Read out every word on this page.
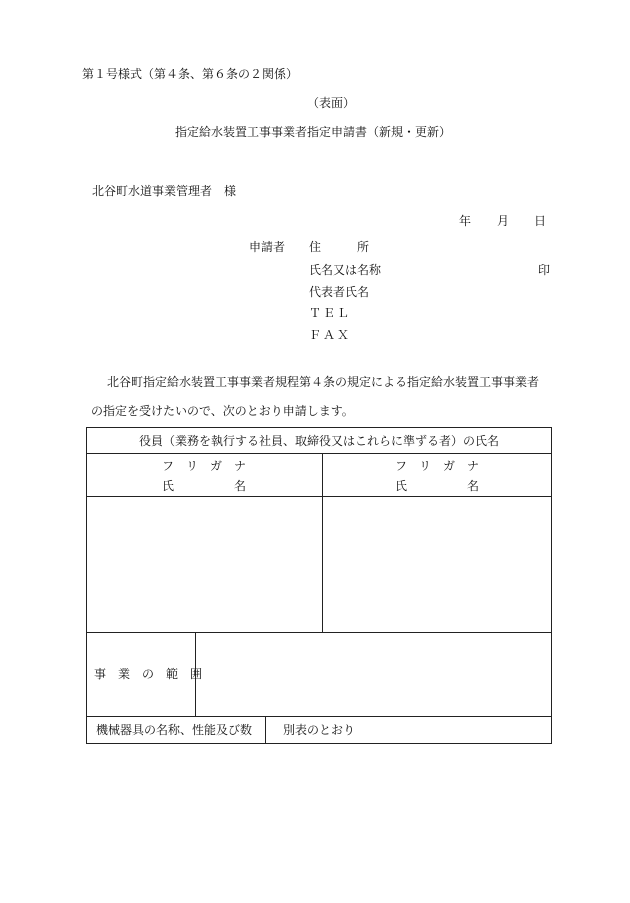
第１号様式（第４条、第６条の２関係）
（表面）
指定給水装置工事事業者指定申請書（新規・更新）
北谷町水道事業管理者　様
年 月 日
申請者 住　　　所
氏名又は名称	印
代表者氏名
ＴＥＬ
ＦＡＸ
北谷町指定給水装置工事事業者規程第４条の規定による指定給水装置工事事業者
の指定を受けたいので、次のとおり申請します。
役員（業務を執行する社員、取締役又はこれらに準ずる者）の氏名
フ　リ　ガ　ナ
氏　　　　　名
フ　リ　ガ　ナ
氏　　　　　名
事　業　の　範　囲
機械器具の名称、性能及び数	別表のとおり
